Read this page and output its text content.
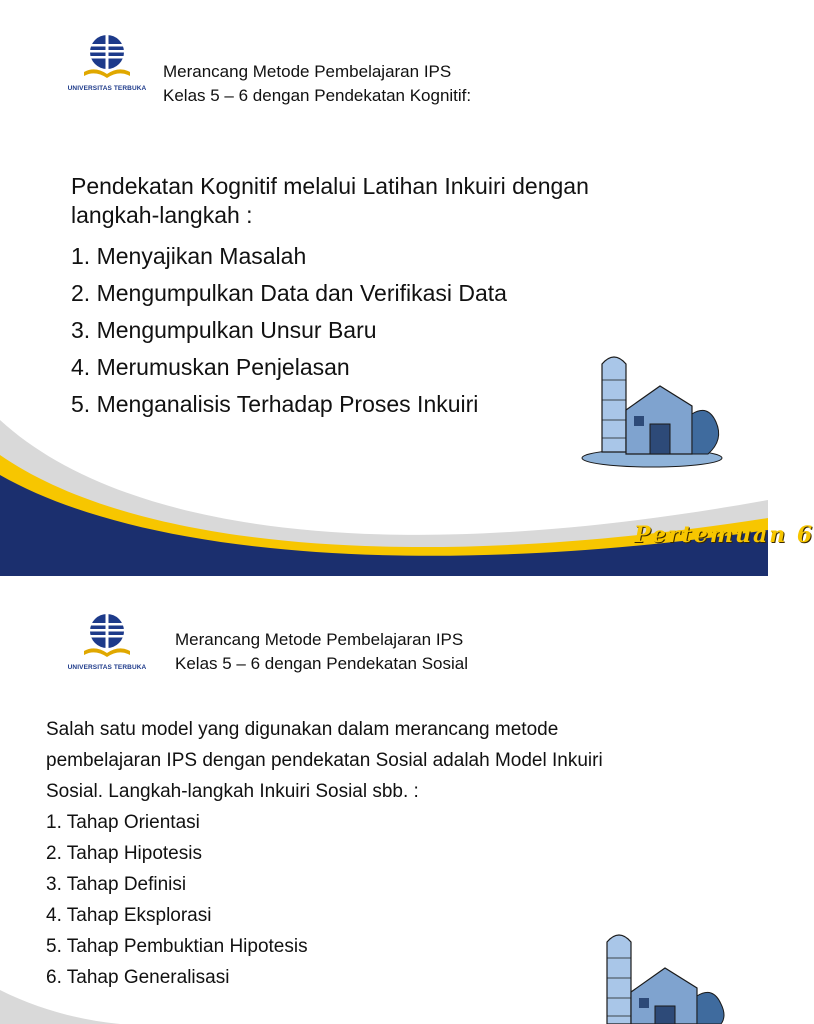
UNIVERSITAS TERBUKA
Merancang Metode Pembelajaran IPS
Kelas 5 – 6 dengan Pendekatan Kognitif:
Pendekatan Kognitif melalui Latihan Inkuiri dengan
langkah-langkah :
1. Menyajikan Masalah
2. Mengumpulkan Data dan Verifikasi Data
3. Mengumpulkan Unsur Baru
4. Merumuskan Penjelasan
5. Menganalisis Terhadap Proses Inkuiri
Pertemuan 6
UNIVERSITAS TERBUKA
Merancang Metode Pembelajaran IPS
Kelas 5 – 6 dengan Pendekatan Sosial
Salah satu model yang digunakan dalam merancang metode
pembelajaran IPS dengan pendekatan Sosial adalah Model Inkuiri
Sosial. Langkah-langkah Inkuiri Sosial sbb. :
1. Tahap Orientasi
2. Tahap Hipotesis
3. Tahap Definisi
4. Tahap Eksplorasi
5. Tahap Pembuktian Hipotesis
6. Tahap Generalisasi
